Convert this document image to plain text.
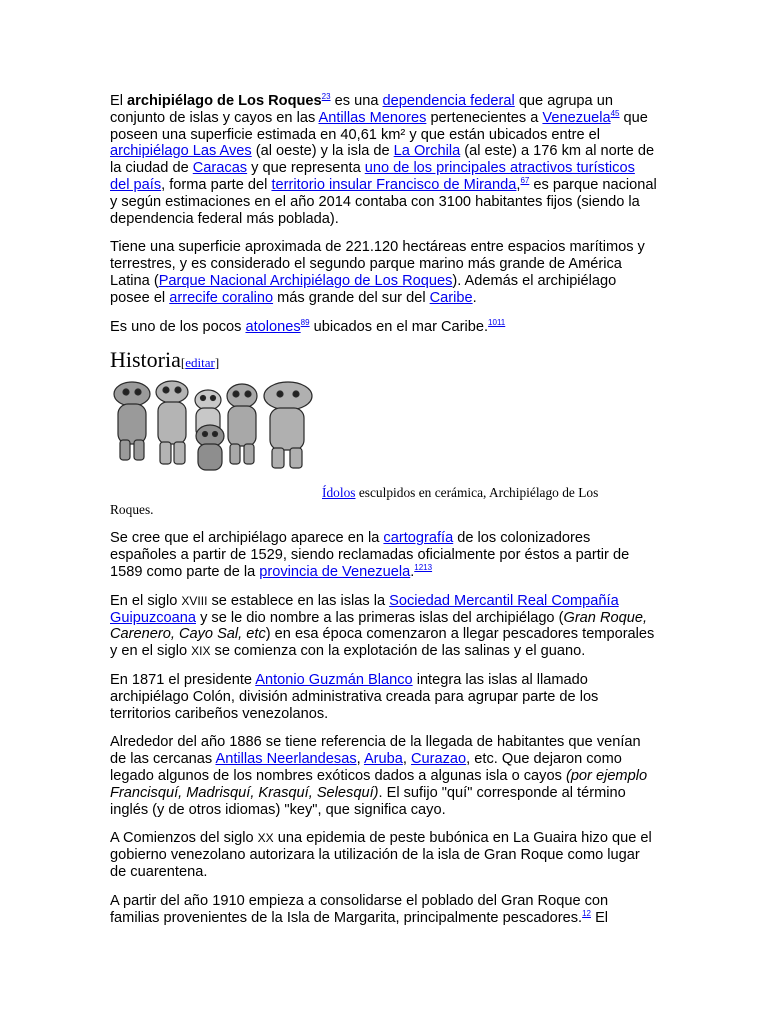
El archipiélago de Los Roques$^{23}$ es una dependencia federal que agrupa un conjunto de islas y cayos en las Antillas Menores pertenecientes a Venezuela$^{45}$ que poseen una superficie estimada en 40,61 km² y que están ubicados entre el archipiélago Las Aves (al oeste) y la isla de La Orchila (al este) a 176 km al norte de la ciudad de Caracas y que representa uno de los principales atractivos turísticos del país, forma parte del territorio insular Francisco de Miranda,$^{67}$ es parque nacional y según estimaciones en el año 2014 contaba con 3100 habitantes fijos (siendo la dependencia federal más poblada).

Tiene una superficie aproximada de 221.120 hectáreas entre espacios marítimos y terrestres, y es considerado el segundo parque marino más grande de América Latina (Parque Nacional Archipiélago de Los Roques). Además el archipiélago posee el arrecife coralino más grande del sur del Caribe.

Es uno de los pocos atolones$^{89}$ ubicados en el mar Caribe.$^{1011}$

Historia[editar]
Ídolos esculpidos en cerámica, Archipiélago de Los
Roques.

Se cree que el archipiélago aparece en la cartografía de los colonizadores españoles a partir de 1529, siendo reclamadas oficialmente por éstos a partir de 1589 como parte de la provincia de Venezuela.$^{1213}$

En el siglo XVIII se establece en las islas la Sociedad Mercantil Real Compañía Guipuzcoana y se le dio nombre a las primeras islas del archipiélago (Gran Roque, Carenero, Cayo Sal, etc) en esa época comenzaron a llegar pescadores temporales y en el siglo XIX se comienza con la explotación de las salinas y el guano.

En 1871 el presidente Antonio Guzmán Blanco integra las islas al llamado archipiélago Colón, división administrativa creada para agrupar parte de los territorios caribeños venezolanos.

Alrededor del año 1886 se tiene referencia de la llegada de habitantes que venían de las cercanas Antillas Neerlandesas, Aruba, Curazao, etc. Que dejaron como legado algunos de los nombres exóticos dados a algunas isla o cayos (por ejemplo Francisquí, Madrisquí, Krasquí, Selesquí). El sufijo "quí" corresponde al término inglés (y de otros idiomas) "key", que significa cayo.

A Comienzos del siglo XX una epidemia de peste bubónica en La Guaira hizo que el gobierno venezolano autorizara la utilización de la isla de Gran Roque como lugar de cuarentena.

A partir del año 1910 empieza a consolidarse el poblado del Gran Roque con familias provenientes de la Isla de Margarita, principalmente pescadores.$^{12}$ El
